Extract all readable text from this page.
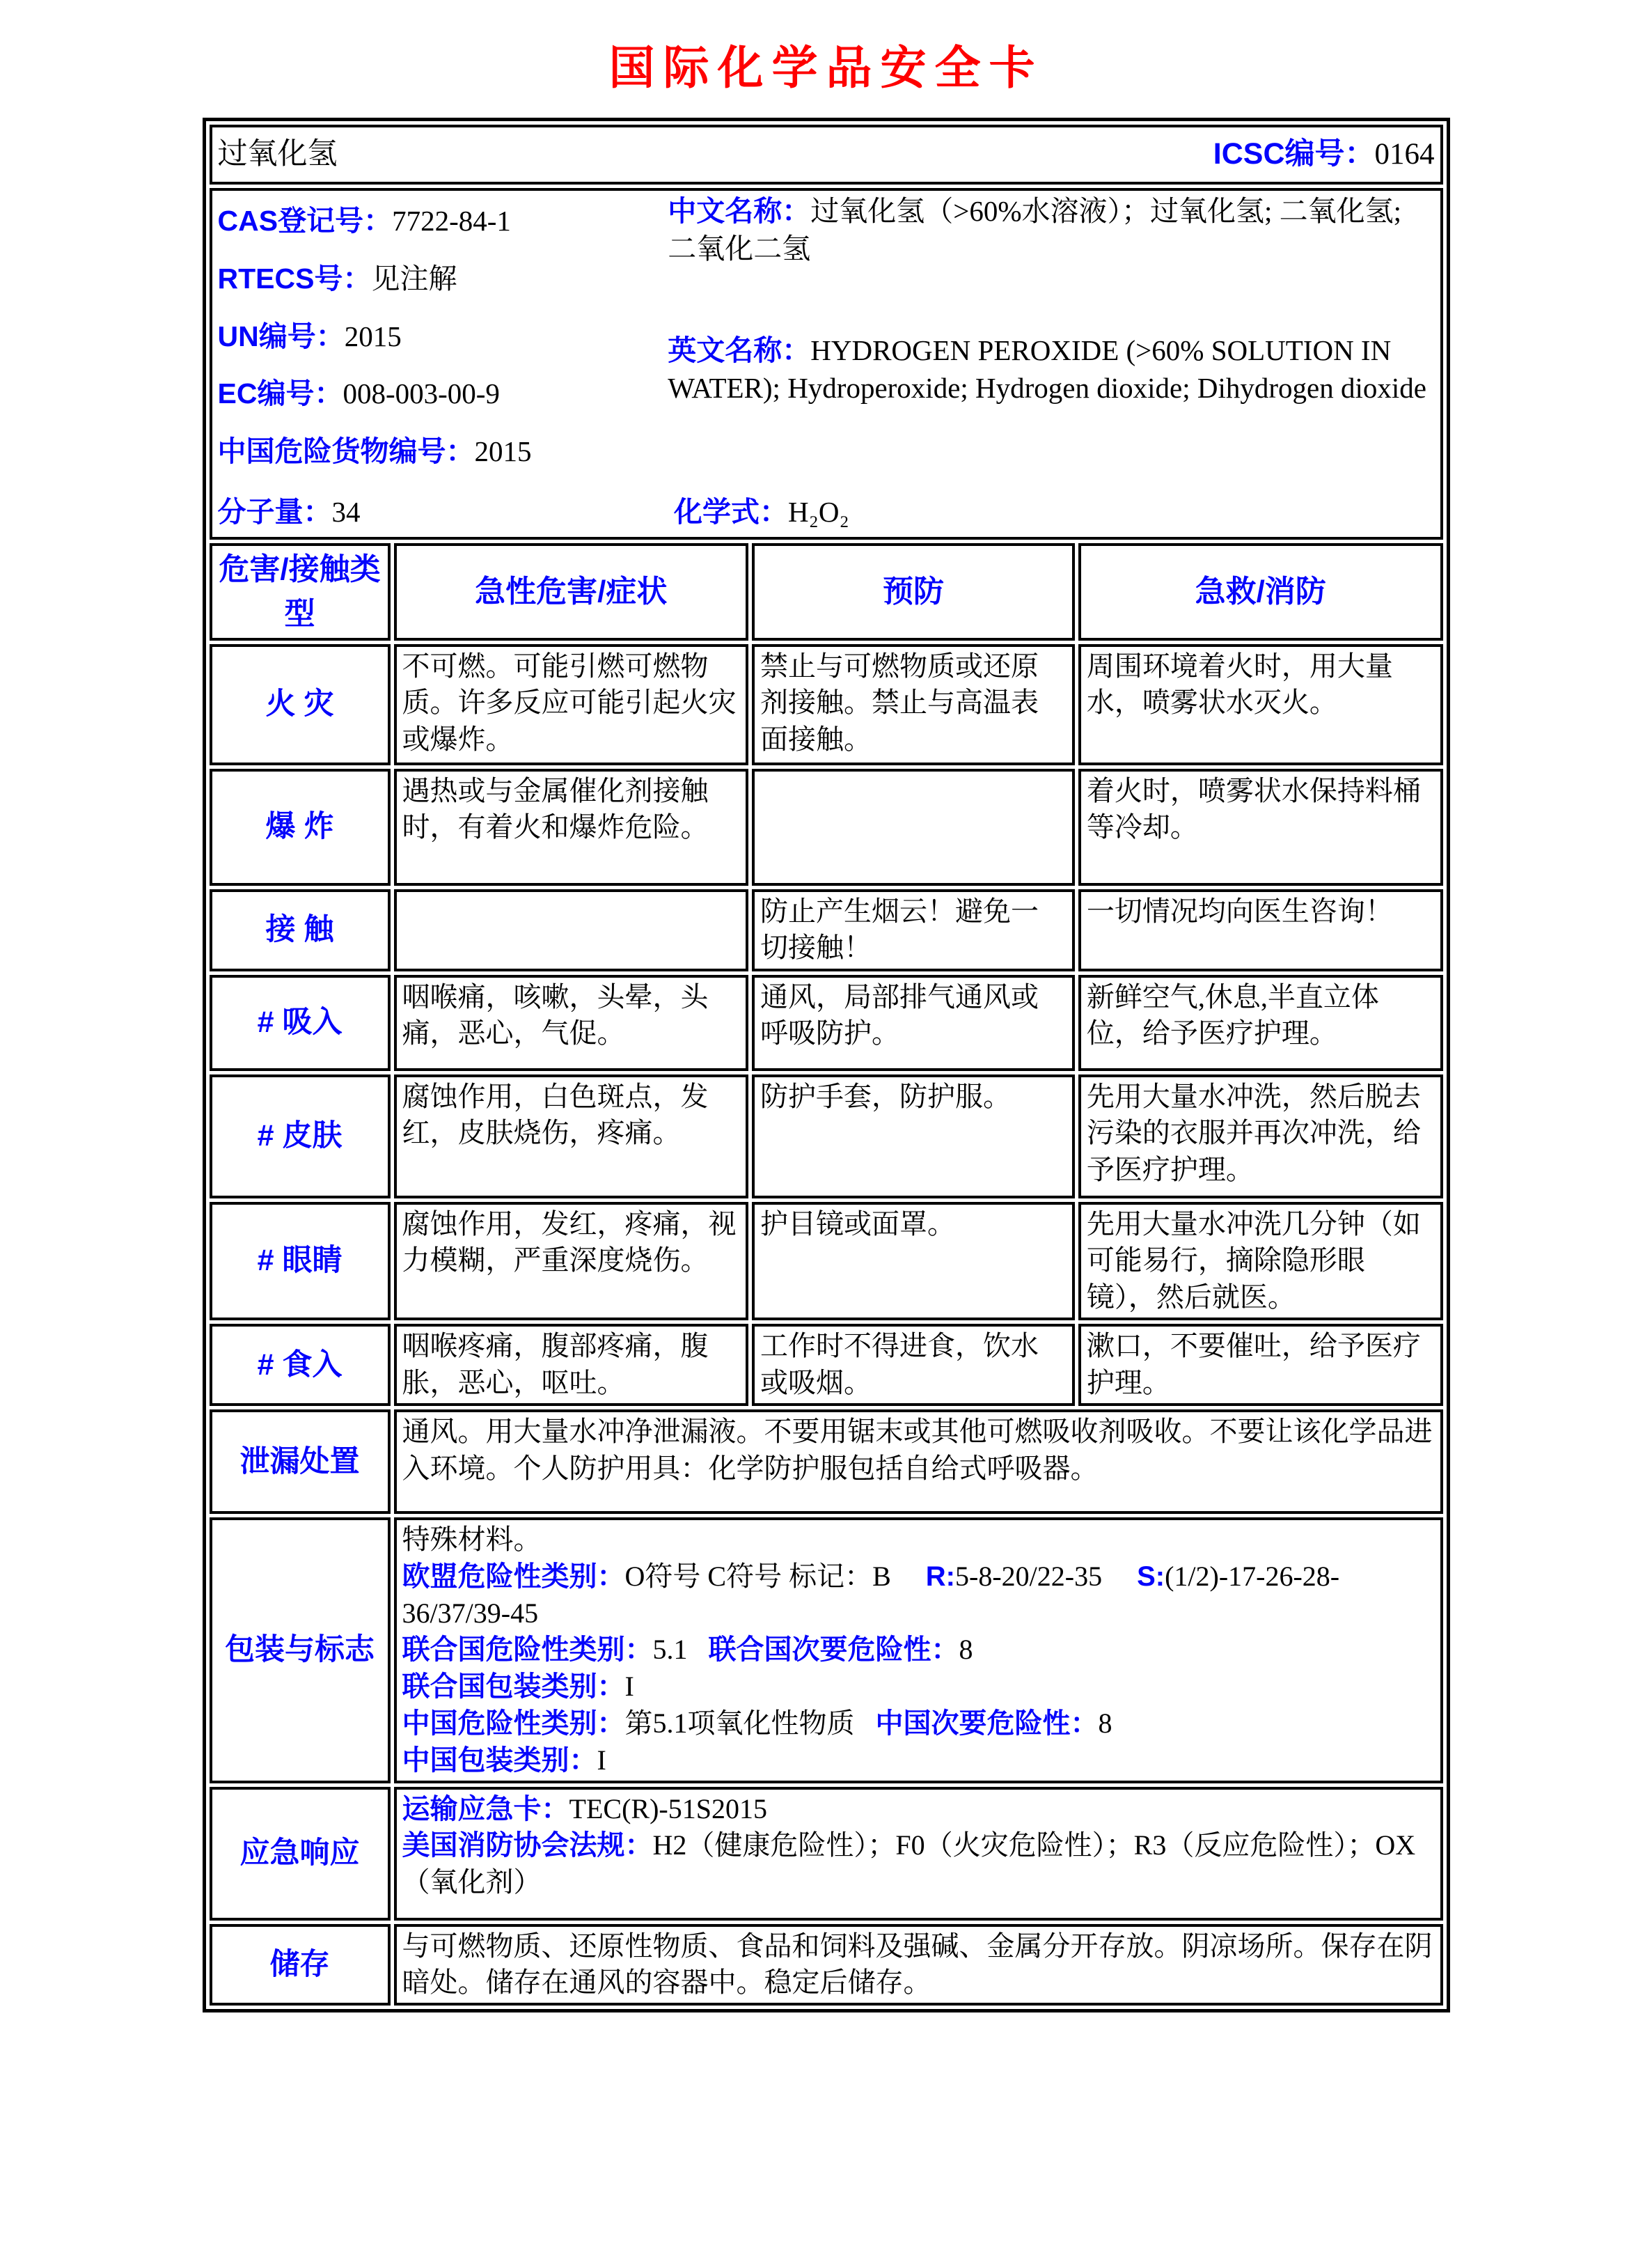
国际化学品安全卡
过氧化氢 ICSC编号：0164			

CAS登记号：7722-84-1
RTECS号：见注解
UN编号：2015
EC编号：008-003-00-9
中国危险货物编号：2015

中文名称：过氧化氢（>60%水溶液）；过氧化氢; 二氧化氢; 二氧化二氢

英文名称：HYDROGEN PEROXIDE (>60% SOLUTION IN WATER); Hydroperoxide; Hydrogen dioxide; Dihydrogen dioxide

分子量：34	化学式：H₂O₂

危害/接触类型	急性危害/症状	预防	急救/消防
火 灾	不可燃。可能引燃可燃物质。许多反应可能引起火灾或爆炸。	禁止与可燃物质或还原剂接触。禁止与高温表面接触。	周围环境着火时，用大量水，喷雾状水灭火。
爆 炸	遇热或与金属催化剂接触时，有着火和爆炸危险。		着火时，喷雾状水保持料桶等冷却。
接 触		防止产生烟云！避免一切接触！	一切情况均向医生咨询！
# 吸入	咽喉痛，咳嗽，头晕，头痛，恶心，气促。	通风，局部排气通风或呼吸防护。	新鲜空气,休息,半直立体位，给予医疗护理。
# 皮肤	腐蚀作用，白色斑点，发红，皮肤烧伤，疼痛。	防护手套，防护服。	先用大量水冲洗，然后脱去污染的衣服并再次冲洗，给予医疗护理。
# 眼睛	腐蚀作用，发红，疼痛，视力模糊，严重深度烧伤。	护目镜或面罩。	先用大量水冲洗几分钟（如可能易行，摘除隐形眼镜），然后就医。
# 食入	咽喉疼痛，腹部疼痛，腹胀，恶心，呕吐。	工作时不得进食，饮水或吸烟。	漱口，不要催吐，给予医疗护理。
泄漏处置	通风。用大量水冲净泄漏液。不要用锯末或其他可燃吸收剂吸收。不要让该化学品进入环境。个人防护用具：化学防护服包括自给式呼吸器。		

包装与标志	
特殊材料。
欧盟危险性类别：O符号 C符号 标记：B     R:5-8-20/22-35     S:(1/2)-17-26-28-36/37/39-45
联合国危险性类别：5.1   联合国次要危险性：8
联合国包装类别：I
中国危险性类别：第5.1项氧化性物质   中国次要危险性：8
中国包装类别：I

应急响应	运输应急卡：TEC(R)-51S2015
美国消防协会法规：H2（健康危险性）；F0（火灾危险性）；R3（反应危险性）；OX（氧化剂）		

储存	与可燃物质、还原性物质、食品和饲料及强碱、金属分开存放。阴凉场所。保存在阴暗处。储存在通风的容器中。稳定后储存。		
